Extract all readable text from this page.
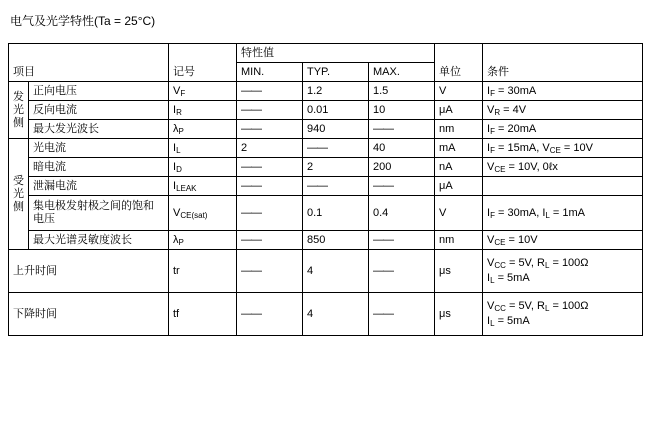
电气及光学特性(Ta = 25°C)
项目		记号	特性值			单位	条件
			MIN.	TYP.	MAX.		
发光侧	正向电压	$V_F$	——	1.2	1.5	V	$I_F = 30mA$
	反向电流	$I_R$	——	0.01	10	μA	$V_R = 4V$
	最大发光波长	$\lambda_P$	——	940	——	nm	$I_F = 20mA$
受光侧	光电流	$I_L$	2	——	40	mA	$I_F = 15mA$, $V_{CE} = 10V$
	暗电流	$I_D$	——	2	200	nA	$V_{CE} = 10V$, 0ℓx
	泄漏电流	$I_{LEAK}$	——	——	——	μA	
	集电极发射极之间的饱和电压	$V_{CE(sat)}$	——	0.1	0.4	V	$I_F = 30mA$, $I_L = 1mA$
	最大光谱灵敏度波长	$\lambda_P$	——	850	——	nm	$V_{CE} = 10V$
上升时间		tr	——	4	——	μs	$V_{CC} = 5V$, $R_L = 100\Omega$
$I_L = 5mA$

下降时间		tf	——	4	——	μs	$V_{CC} = 5V$, $R_L = 100\Omega$
$I_L = 5mA$
